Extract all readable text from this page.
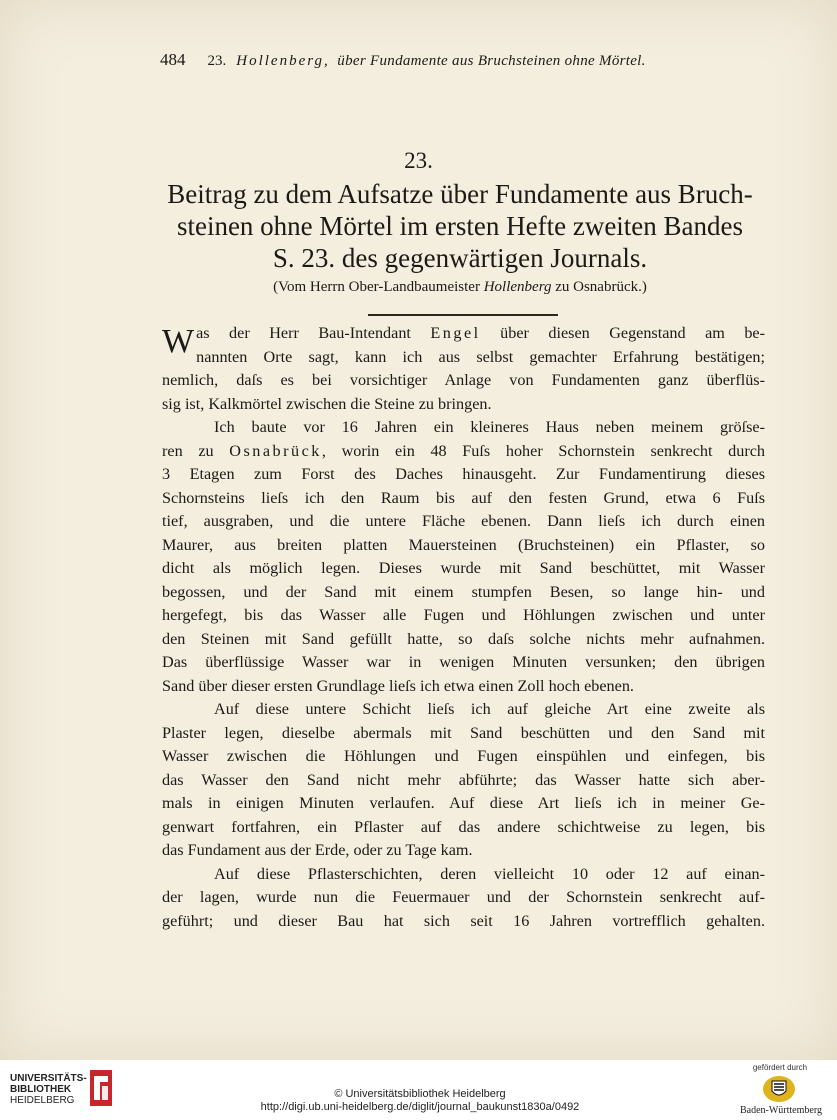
484 23. Hollenberg, über Fundamente aus Bruchsteinen ohne Mörtel.
23.
Beitrag zu dem Aufsatze über Fundamente aus Bruch-
steinen ohne Mörtel im ersten Hefte zweiten Bandes
S. 23. des gegenwärtigen Journals.
(Vom Herrn Ober-Landbaumeister Hollenberg zu Osnabrück.)
W as der Herr Bau-Intendant Engel über diesen Gegenstand am be-
nannten Orte sagt, kann ich aus selbst gemachter Erfahrung bestätigen;
nemlich, daſs es bei vorsichtiger Anlage von Fundamenten ganz überflüs-
sig ist, Kalkmörtel zwischen die Steine zu bringen.
Ich baute vor 16 Jahren ein kleineres Haus neben meinem gröſse-
ren zu Osnabrück, worin ein 48 Fuſs hoher Schornstein senkrecht durch
3 Etagen zum Forst des Daches hinausgeht. Zur Fundamentirung dieses
Schornsteins lieſs ich den Raum bis auf den festen Grund, etwa 6 Fuſs
tief, ausgraben, und die untere Fläche ebenen. Dann lieſs ich durch einen
Maurer, aus breiten platten Mauersteinen (Bruchsteinen) ein Pflaster, so
dicht als möglich legen. Dieses wurde mit Sand beschüttet, mit Wasser
begossen, und der Sand mit einem stumpfen Besen, so lange hin- und
hergefegt, bis das Wasser alle Fugen und Höhlungen zwischen und unter
den Steinen mit Sand gefüllt hatte, so daſs solche nichts mehr aufnahmen.
Das überflüssige Wasser war in wenigen Minuten versunken; den übrigen
Sand über dieser ersten Grundlage lieſs ich etwa einen Zoll hoch ebenen.
Auf diese untere Schicht lieſs ich auf gleiche Art eine zweite als
Plaster legen, dieselbe abermals mit Sand beschütten und den Sand mit
Wasser zwischen die Höhlungen und Fugen einspühlen und einfegen, bis
das Wasser den Sand nicht mehr abführte; das Wasser hatte sich aber-
mals in einigen Minuten verlaufen. Auf diese Art lieſs ich in meiner Ge-
genwart fortfahren, ein Pflaster auf das andere schichtweise zu legen, bis
das Fundament aus der Erde, oder zu Tage kam.
Auf diese Pflasterschichten, deren vielleicht 10 oder 12 auf einan-
der lagen, wurde nun die Feuermauer und der Schornstein senkrecht auf-
geführt; und dieser Bau hat sich seit 16 Jahren vortrefflich gehalten.
UNIVERSITÄTS-
BIBLIOTHEK
HEIDELBERG
© Universitätsbibliothek Heidelberg
http://digi.ub.uni-heidelberg.de/diglit/journal_baukunst1830a/0492
gefördert durch
Baden-Württemberg
